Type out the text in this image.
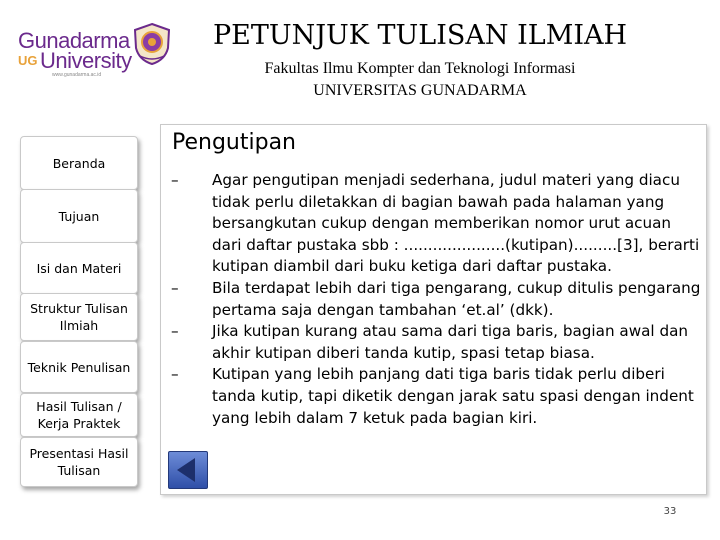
Gunadarma
UG University
www.gunadarma.ac.id
PETUNJUK TULISAN ILMIAH
Fakultas Ilmu Kompter dan Teknologi Informasi
UNIVERSITAS GUNADARMA
Beranda
Tujuan
Isi dan Materi
Struktur Tulisan Ilmiah
Teknik Penulisan
Hasil Tulisan / Kerja Praktek
Presentasi Hasil Tulisan
Pengutipan
– Agar pengutipan menjadi sederhana, judul materi yang diacu tidak perlu diletakkan di bagian bawah pada halaman yang bersangkutan cukup dengan memberikan nomor urut acuan dari daftar pustaka sbb : .....................(kutipan).........[3], berarti kutipan diambil dari buku ketiga dari daftar pustaka.
– Bila terdapat lebih dari tiga pengarang, cukup ditulis pengarang pertama saja dengan tambahan ‘et.al’ (dkk).
– Jika kutipan kurang atau sama dari tiga baris, bagian awal dan akhir kutipan diberi tanda kutip, spasi tetap biasa.
– Kutipan yang lebih panjang dati tiga baris tidak perlu diberi tanda kutip, tapi diketik dengan jarak satu spasi dengan indent yang lebih dalam 7 ketuk pada bagian kiri.
33
